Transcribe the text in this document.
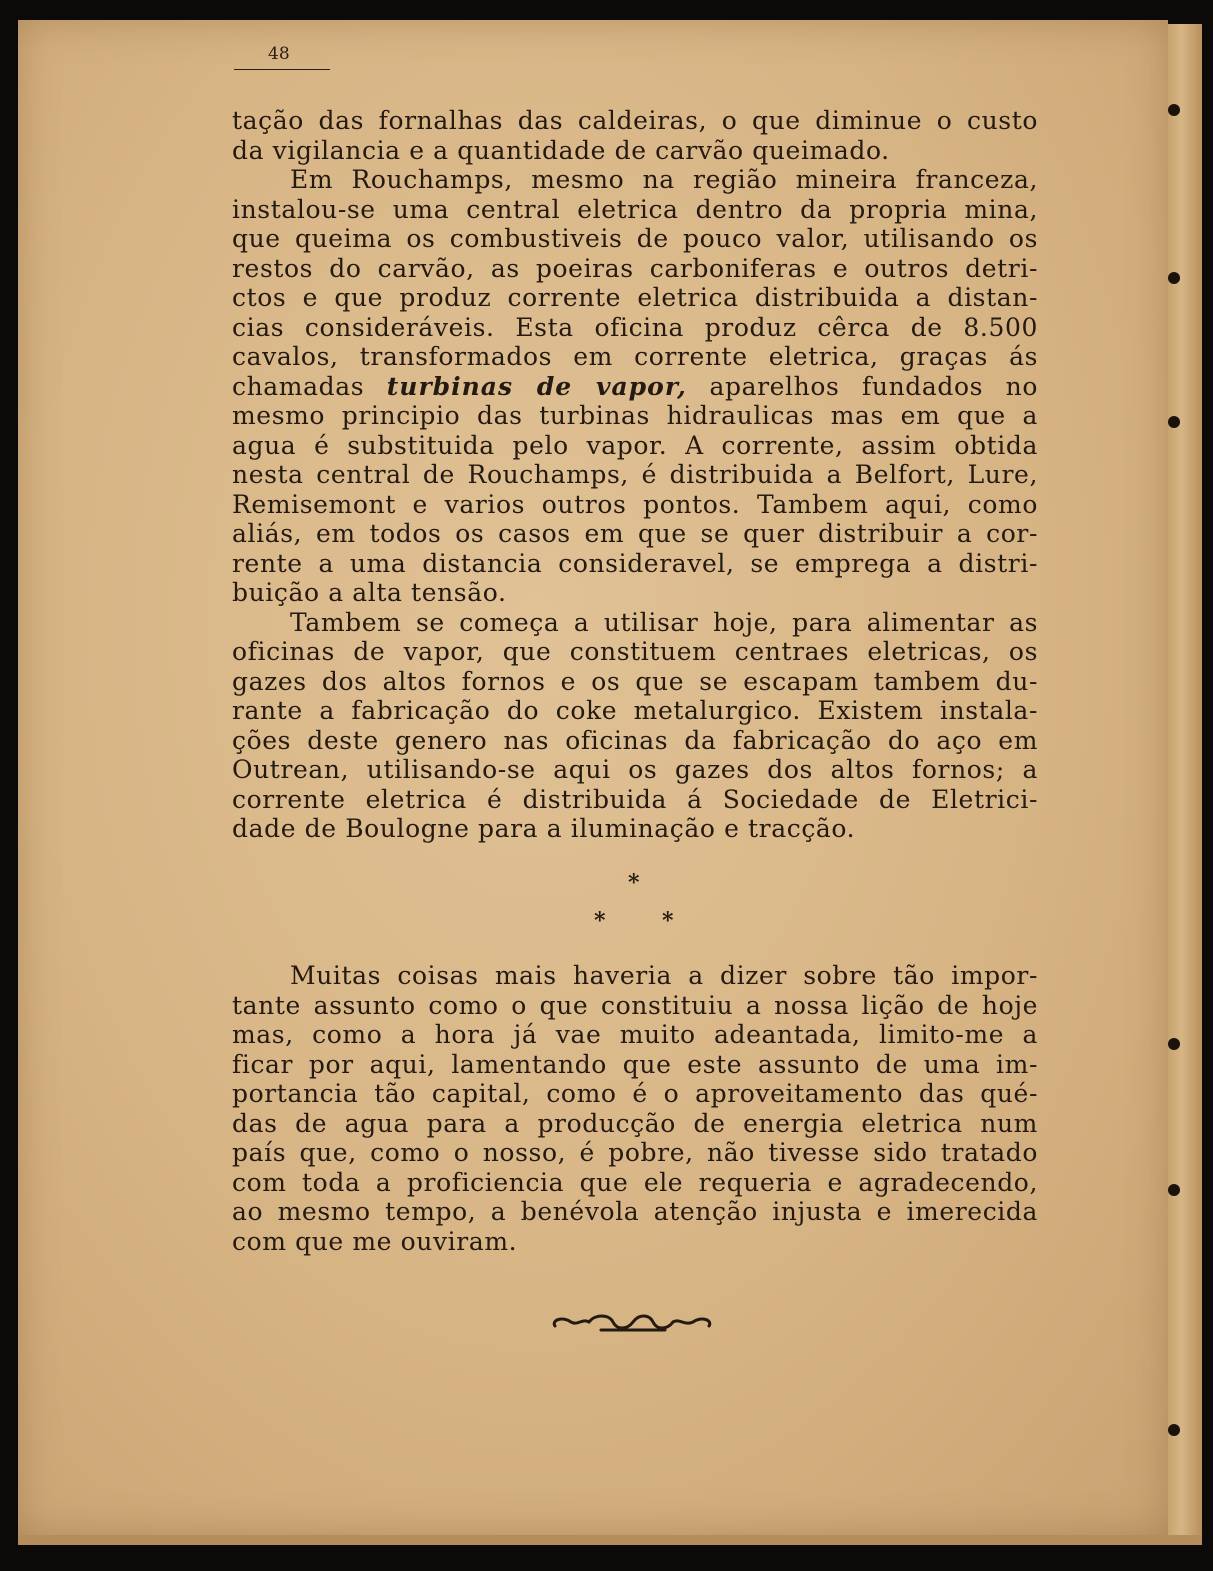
48
tação das fornalhas das caldeiras, o que diminue o custo
da vigilancia e a quantidade de carvão queimado.
Em Rouchamps, mesmo na região mineira franceza,
instalou-se uma central eletrica dentro da propria mina,
que queima os combustiveis de pouco valor, utilisando os
restos do carvão, as poeiras carboniferas e outros detri-
ctos e que produz corrente eletrica distribuida a distan-
cias consideráveis. Esta oficina produz cêrca de 8.500
cavalos, transformados em corrente eletrica, graças ás
chamadas turbinas de vapor, aparelhos fundados no
mesmo principio das turbinas hidraulicas mas em que a
agua é substituida pelo vapor. A corrente, assim obtida
nesta central de Rouchamps, é distribuida a Belfort, Lure,
Remisemont e varios outros pontos. Tambem aqui, como
aliás, em todos os casos em que se quer distribuir a cor-
rente a uma distancia consideravel, se emprega a distri-
buição a alta tensão.
Tambem se começa a utilisar hoje, para alimentar as
oficinas de vapor, que constituem centraes eletricas, os
gazes dos altos fornos e os que se escapam tambem du-
rante a fabricação do coke metalurgico. Existem instala-
ções deste genero nas oficinas da fabricação do aço em
Outrean, utilisando-se aqui os gazes dos altos fornos; a
corrente eletrica é distribuida á Sociedade de Eletrici-
dade de Boulogne para a iluminação e tracção.
*
*	*
Muitas coisas mais haveria a dizer sobre tão impor-
tante assunto como o que constituiu a nossa lição de hoje
mas, como a hora já vae muito adeantada, limito-me a
ficar por aqui, lamentando que este assunto de uma im-
portancia tão capital, como é o aproveitamento das qué-
das de agua para a producção de energia eletrica num
país que, como o nosso, é pobre, não tivesse sido tratado
com toda a proficiencia que ele requeria e agradecendo,
ao mesmo tempo, a benévola atenção injusta e imerecida
com que me ouviram.
